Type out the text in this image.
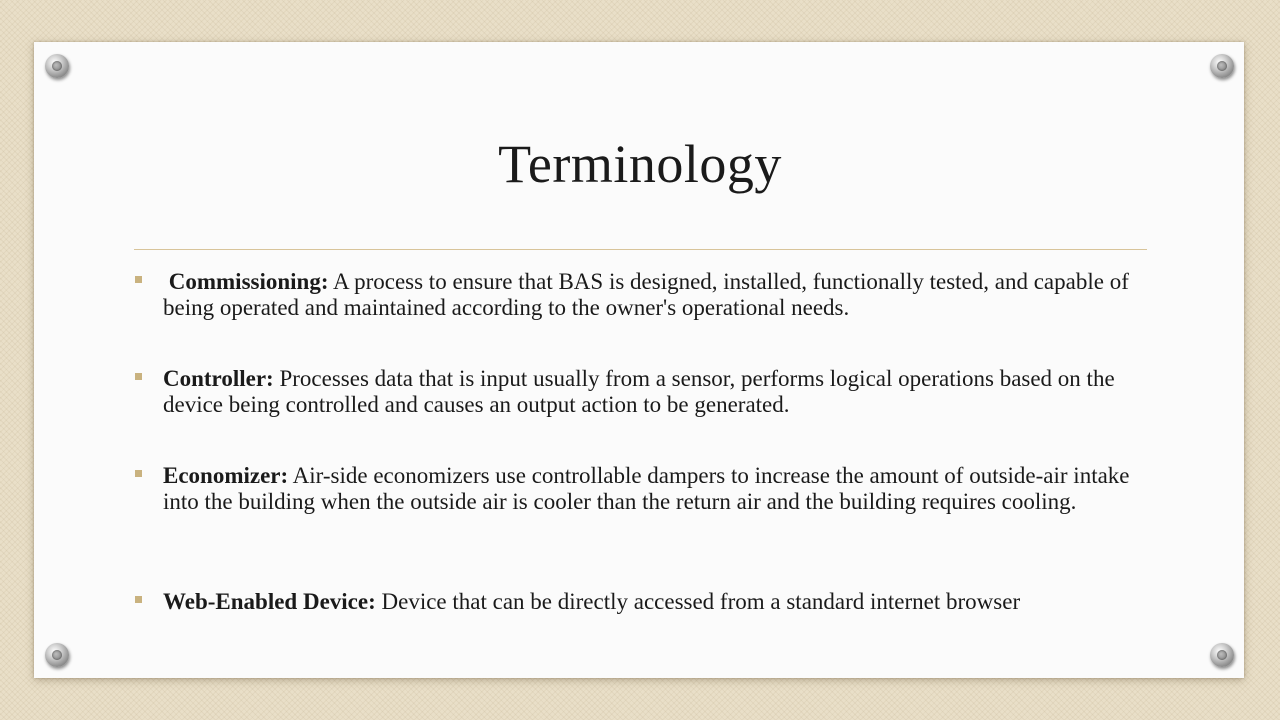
Terminology
Commissioning: A process to ensure that BAS is designed, installed, functionally tested, and capable of being operated and maintained according to the owner's operational needs.
Controller: Processes data that is input usually from a sensor, performs logical operations based on the device being controlled and causes an output action to be generated.
Economizer: Air-side economizers use controllable dampers to increase the amount of outside-air intake into the building when the outside air is cooler than the return air and the building requires cooling.
Web-Enabled Device: Device that can be directly accessed from a standard internet browser
